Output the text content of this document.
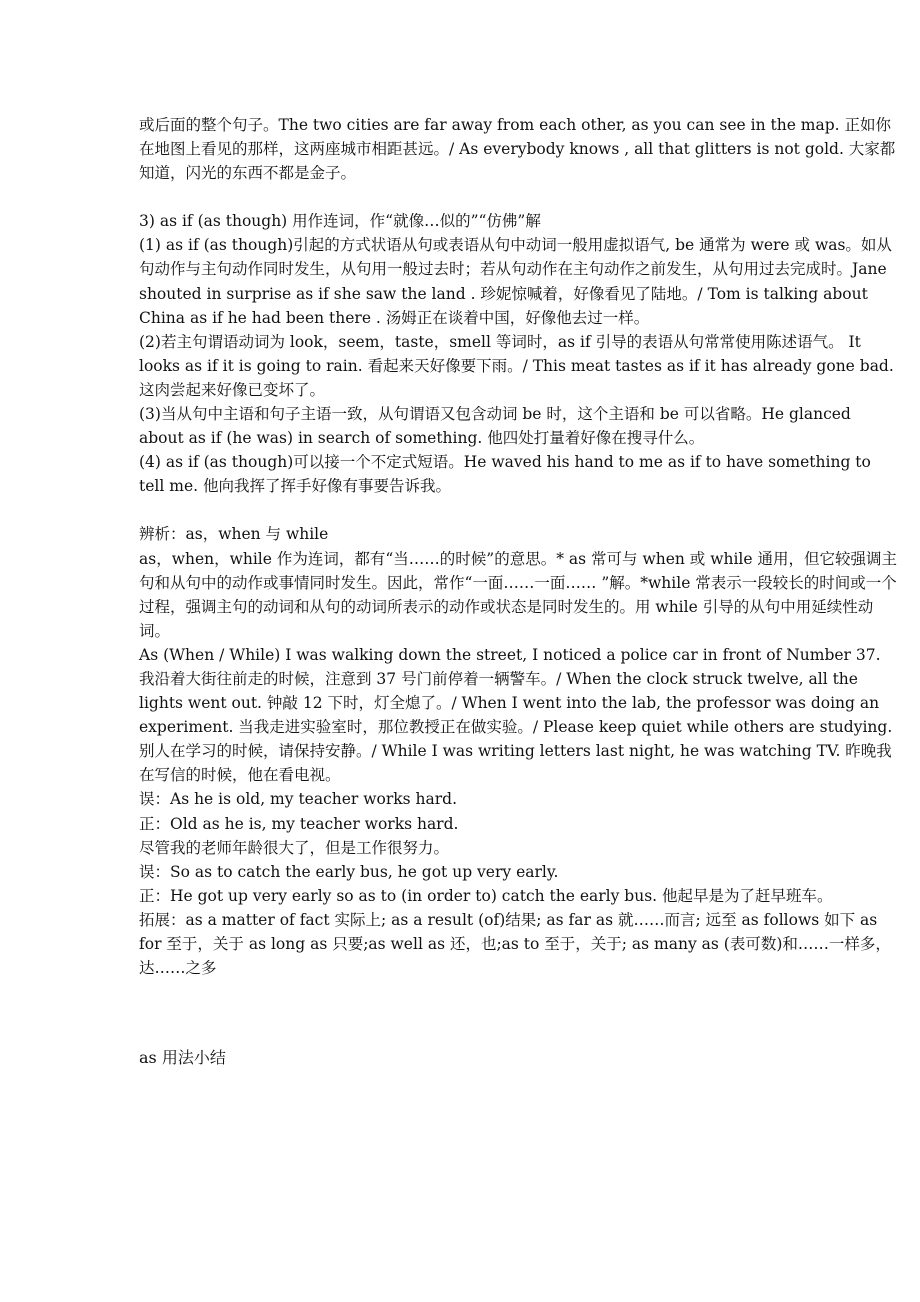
或后面的整个句子。The two cities are far away from each other, as you can see in the map. 正如你在地图上看见的那样，这两座城市相距甚远。/ As everybody knows , all that glitters is not gold. 大家都知道，闪光的东西不都是金子。

3) as if (as though) 用作连词，作“就像…似的”“仿佛”解

(1) as if (as though)引起的方式状语从句或表语从句中动词一般用虚拟语气, be 通常为 were 或 was。如从句动作与主句动作同时发生，从句用一般过去时；若从句动作在主句动作之前发生，从句用过去完成时。Jane shouted in surprise as if she saw the land . 珍妮惊喊着，好像看见了陆地。/ Tom is talking about China as if he had been there . 汤姆正在谈着中国，好像他去过一样。

(2)若主句谓语动词为 look，seem，taste，smell 等词时，as if 引导的表语从句常常使用陈述语气。 It looks as if it is going to rain. 看起来天好像要下雨。/ This meat tastes as if it has already gone bad. 这肉尝起来好像已变坏了。

(3)当从句中主语和句子主语一致，从句谓语又包含动词 be 时，这个主语和 be 可以省略。He glanced about as if (he was) in search of something. 他四处打量着好像在搜寻什么。

(4) as if (as though)可以接一个不定式短语。He waved his hand to me as if to have something to tell me. 他向我挥了挥手好像有事要告诉我。

辨析：as，when 与 while

as，when，while 作为连词，都有“当……的时候”的意思。* as 常可与 when 或 while 通用，但它较强调主句和从句中的动作或事情同时发生。因此，常作“一面……一面…… ”解。*while 常表示一段较长的时间或一个过程，强调主句的动词和从句的动词所表示的动作或状态是同时发生的。用 while 引导的从句中用延续性动词。

As (When / While) I was walking down the street, I noticed a police car in front of Number 37. 我沿着大街往前走的时候，注意到 37 号门前停着一辆警车。/ When the clock struck twelve, all the lights went out. 钟敲 12 下时，灯全熄了。/ When I went into the lab, the professor was doing an experiment. 当我走进实验室时，那位教授正在做实验。/ Please keep quiet while others are studying. 别人在学习的时候，请保持安静。/ While I was writing letters last night, he was watching TV. 昨晚我在写信的时候，他在看电视。

误：As he is old, my teacher works hard.

正：Old as he is, my teacher works hard.

尽管我的老师年龄很大了，但是工作很努力。

误：So as to catch the early bus, he got up very early.

正：He got up very early so as to (in order to) catch the early bus. 他起早是为了赶早班车。

拓展：as a matter of fact 实际上; as a result (of)结果; as far as 就……而言; 远至 as follows 如下 as for 至于，关于 as long as 只要;as well as 还，也;as to 至于，关于; as many as (表可数)和……一样多，达……之多

as 用法小结
